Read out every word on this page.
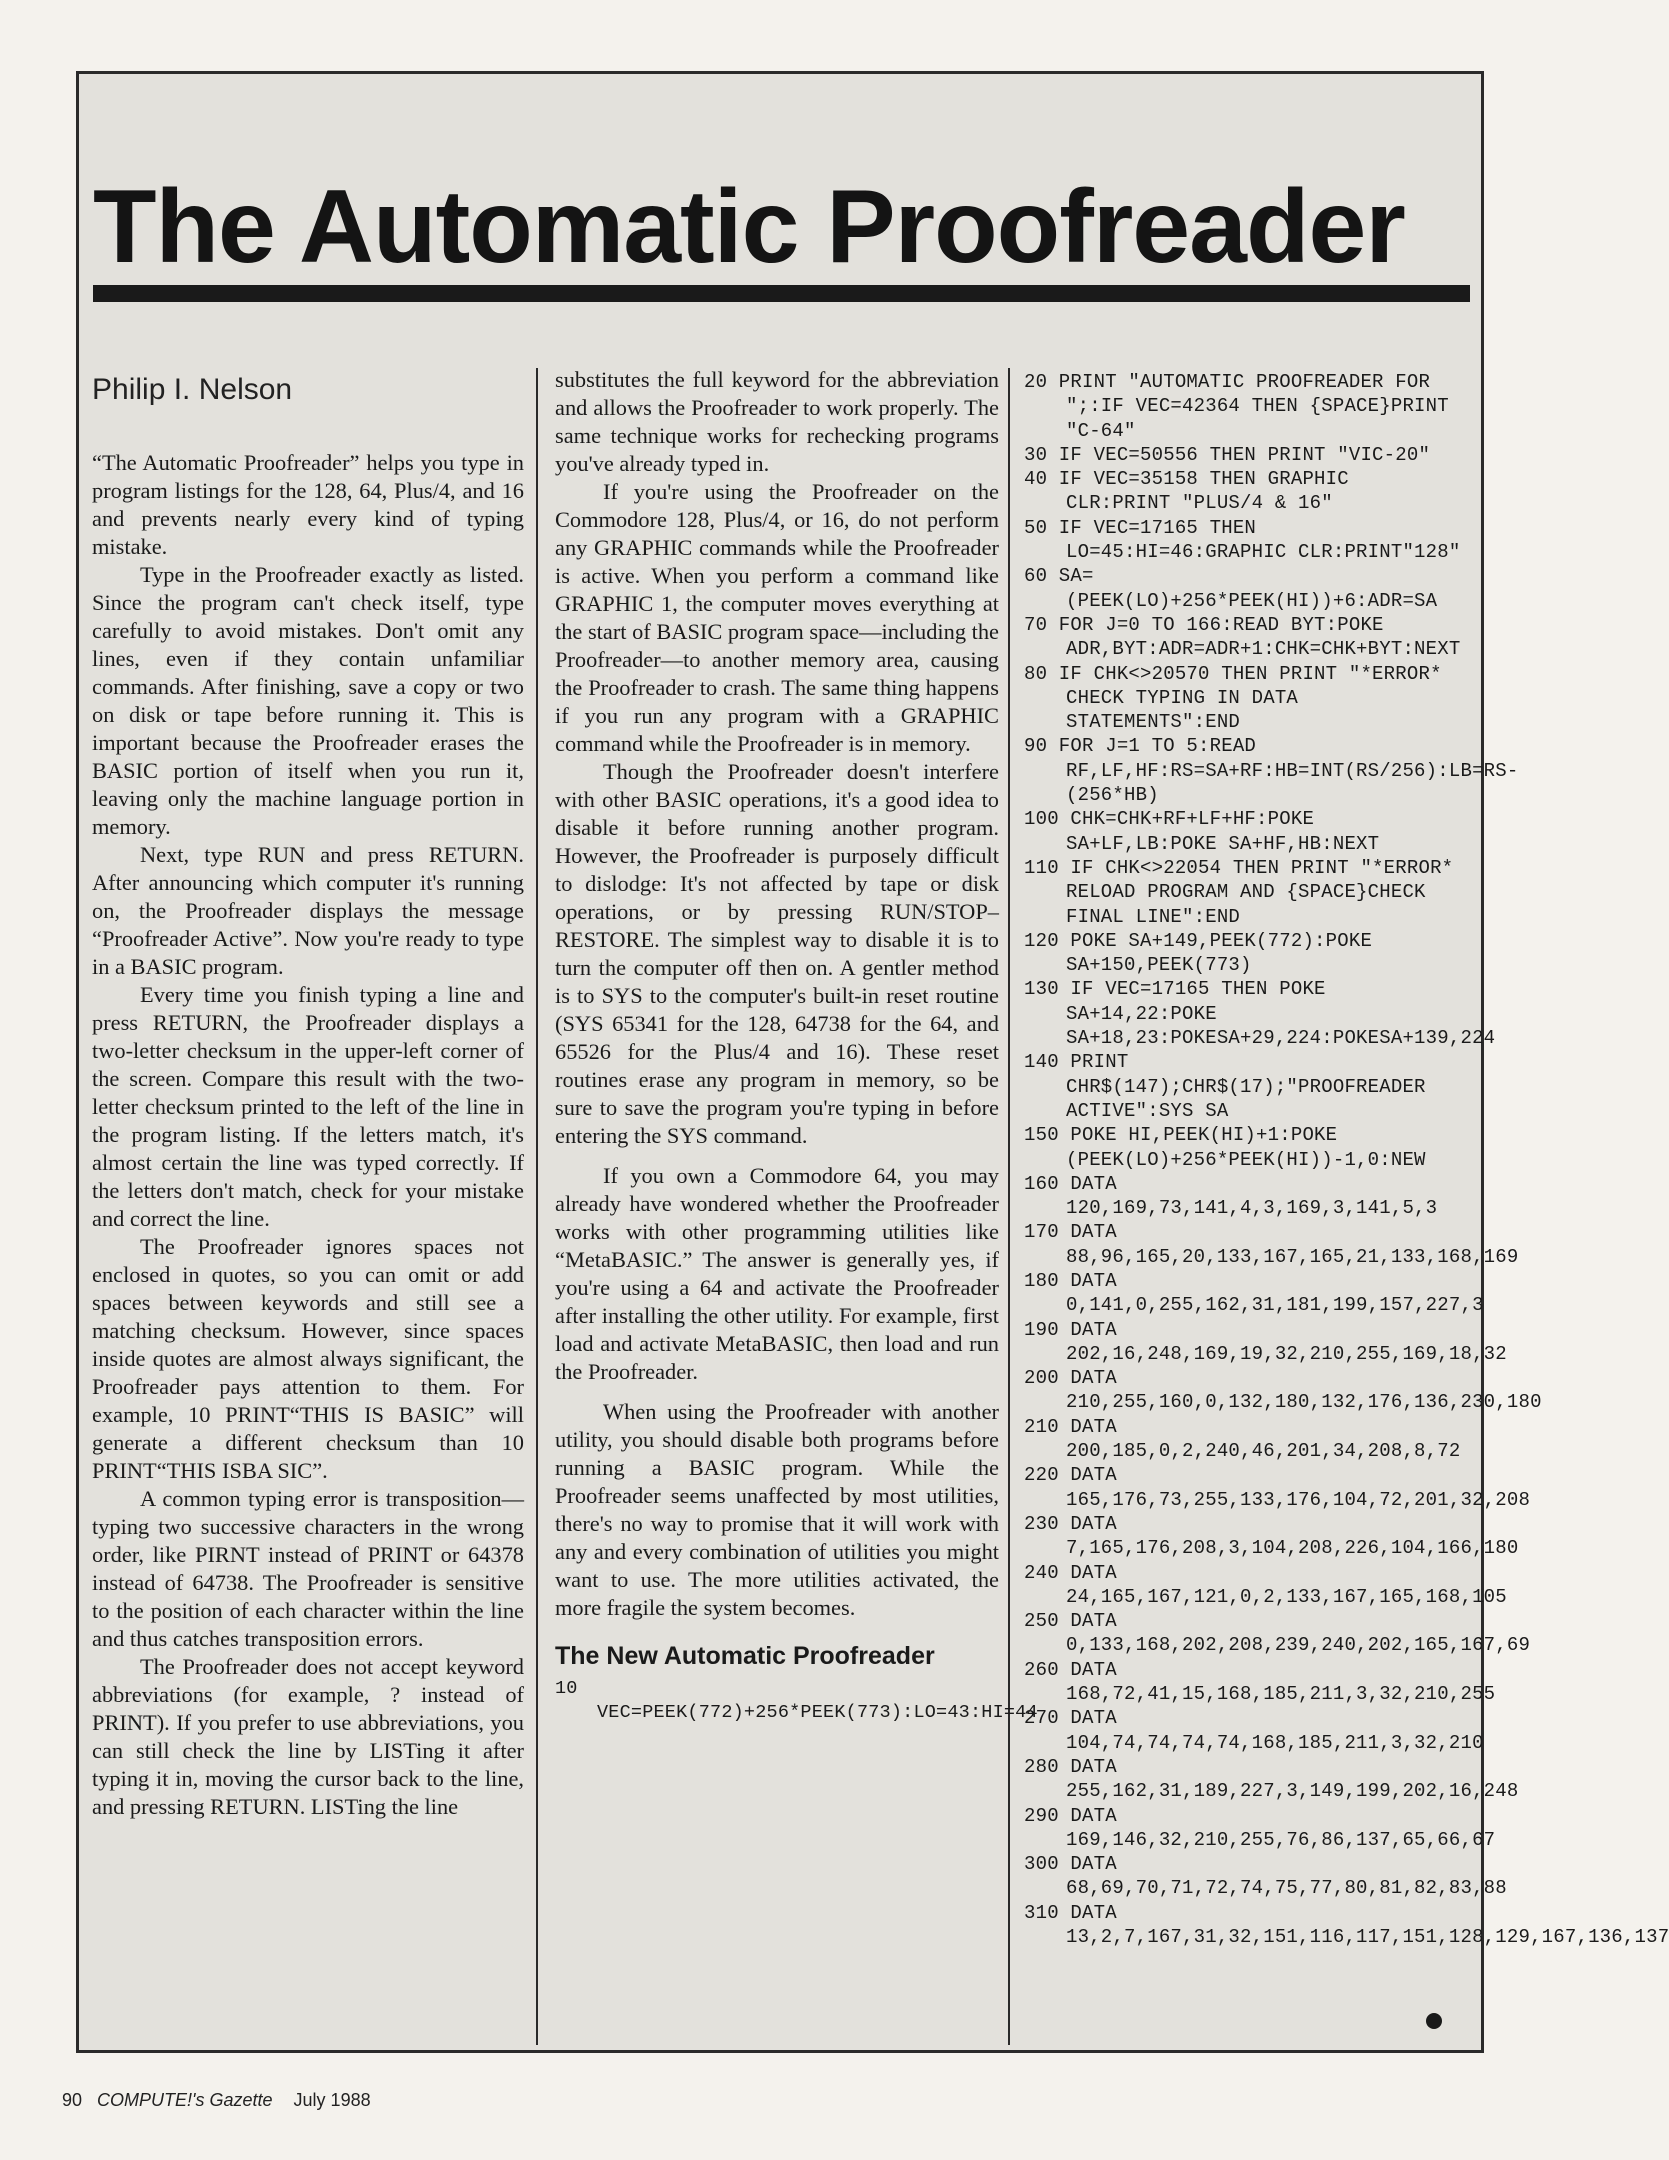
The Automatic Proofreader
Philip I. Nelson

“The Automatic Proofreader” helps you type in program listings for the 128, 64, Plus/4, and 16 and prevents nearly every kind of typing mistake.

Type in the Proofreader exactly as listed. Since the program can't check itself, type carefully to avoid mistakes. Don't omit any lines, even if they contain unfamiliar commands. After finishing, save a copy or two on disk or tape before running it. This is important because the Proofreader erases the BASIC portion of itself when you run it, leaving only the machine language portion in memory.

Next, type RUN and press RETURN. After announcing which computer it's running on, the Proofreader displays the message “Proofreader Active”. Now you're ready to type in a BASIC program.

Every time you finish typing a line and press RETURN, the Proofreader displays a two-letter checksum in the upper-left corner of the screen. Compare this result with the two-letter checksum printed to the left of the line in the program listing. If the letters match, it's almost certain the line was typed correctly. If the letters don't match, check for your mistake and correct the line.

The Proofreader ignores spaces not enclosed in quotes, so you can omit or add spaces between keywords and still see a matching checksum. However, since spaces inside quotes are almost always significant, the Proofreader pays attention to them. For example, 10 PRINT“THIS IS BASIC” will generate a different checksum than 10 PRINT“THIS ISBA SIC”.

A common typing error is transposition—typing two successive characters in the wrong order, like PIRNT instead of PRINT or 64378 instead of 64738. The Proofreader is sensitive to the position of each character within the line and thus catches transposition errors.

The Proofreader does not accept keyword abbreviations (for example, ? instead of PRINT). If you prefer to use abbreviations, you can still check the line by LISTing it after typing it in, moving the cursor back to the line, and pressing RETURN. LISTing the line

substitutes the full keyword for the abbreviation and allows the Proofreader to work properly. The same technique works for rechecking programs you've already typed in.

If you're using the Proofreader on the Commodore 128, Plus/4, or 16, do not perform any GRAPHIC commands while the Proofreader is active. When you perform a command like GRAPHIC 1, the computer moves everything at the start of BASIC program space—including the Proofreader—to another memory area, causing the Proofreader to crash. The same thing happens if you run any program with a GRAPHIC command while the Proofreader is in memory.

Though the Proofreader doesn't interfere with other BASIC operations, it's a good idea to disable it before running another program. However, the Proofreader is purposely difficult to dislodge: It's not affected by tape or disk operations, or by pressing RUN/STOP–RESTORE. The simplest way to disable it is to turn the computer off then on. A gentler method is to SYS to the computer's built-in reset routine (SYS 65341 for the 128, 64738 for the 64, and 65526 for the Plus/4 and 16). These reset routines erase any program in memory, so be sure to save the program you're typing in before entering the SYS command.

If you own a Commodore 64, you may already have wondered whether the Proofreader works with other programming utilities like “MetaBASIC.” The answer is generally yes, if you're using a 64 and activate the Proofreader after installing the other utility. For example, first load and activate MetaBASIC, then load and run the Proofreader.

When using the Proofreader with another utility, you should disable both programs before running a BASIC program. While the Proofreader seems unaffected by most utilities, there's no way to promise that it will work with any and every combination of utilities you might want to use. The more utilities activated, the more fragile the system becomes.

The New Automatic Proofreader

10 VEC=PEEK(772)+256*PEEK(773):LO=43:HI=44

20 PRINT "AUTOMATIC PROOFREADER FOR ";:IF VEC=42364 THEN {SPACE}PRINT "C-64"

30 IF VEC=50556 THEN PRINT "VIC-20"

40 IF VEC=35158 THEN GRAPHIC CLR:PRINT "PLUS/4 & 16"

50 IF VEC=17165 THEN LO=45:HI=46:GRAPHIC CLR:PRINT"128"

60 SA=(PEEK(LO)+256*PEEK(HI))+6:ADR=SA

70 FOR J=0 TO 166:READ BYT:POKE ADR,BYT:ADR=ADR+1:CHK=CHK+BYT:NEXT

80 IF CHK<>20570 THEN PRINT "*ERROR* CHECK TYPING IN DATA STATEMENTS":END

90 FOR J=1 TO 5:READ RF,LF,HF:RS=SA+RF:HB=INT(RS/256):LB=RS-(256*HB)

100 CHK=CHK+RF+LF+HF:POKE SA+LF,LB:POKE SA+HF,HB:NEXT

110 IF CHK<>22054 THEN PRINT "*ERROR* RELOAD PROGRAM AND {SPACE}CHECK FINAL LINE":END

120 POKE SA+149,PEEK(772):POKE SA+150,PEEK(773)

130 IF VEC=17165 THEN POKE SA+14,22:POKE SA+18,23:POKESA+29,224:POKESA+139,224

140 PRINT CHR$(147);CHR$(17);"PROOFREADER ACTIVE":SYS SA

150 POKE HI,PEEK(HI)+1:POKE (PEEK(LO)+256*PEEK(HI))-1,0:NEW

160 DATA 120,169,73,141,4,3,169,3,141,5,3

170 DATA 88,96,165,20,133,167,165,21,133,168,169

180 DATA 0,141,0,255,162,31,181,199,157,227,3

190 DATA 202,16,248,169,19,32,210,255,169,18,32

200 DATA 210,255,160,0,132,180,132,176,136,230,180

210 DATA 200,185,0,2,240,46,201,34,208,8,72

220 DATA 165,176,73,255,133,176,104,72,201,32,208

230 DATA 7,165,176,208,3,104,208,226,104,166,180

240 DATA 24,165,167,121,0,2,133,167,165,168,105

250 DATA 0,133,168,202,208,239,240,202,165,167,69

260 DATA 168,72,41,15,168,185,211,3,32,210,255

270 DATA 104,74,74,74,74,168,185,211,3,32,210

280 DATA 255,162,31,189,227,3,149,199,202,16,248

290 DATA 169,146,32,210,255,76,86,137,65,66,67

300 DATA 68,69,70,71,72,74,75,77,80,81,82,83,88

310 DATA 13,2,7,167,31,32,151,116,117,151,128,129,167,136,137

90 COMPUTE!'s Gazette July 1988
